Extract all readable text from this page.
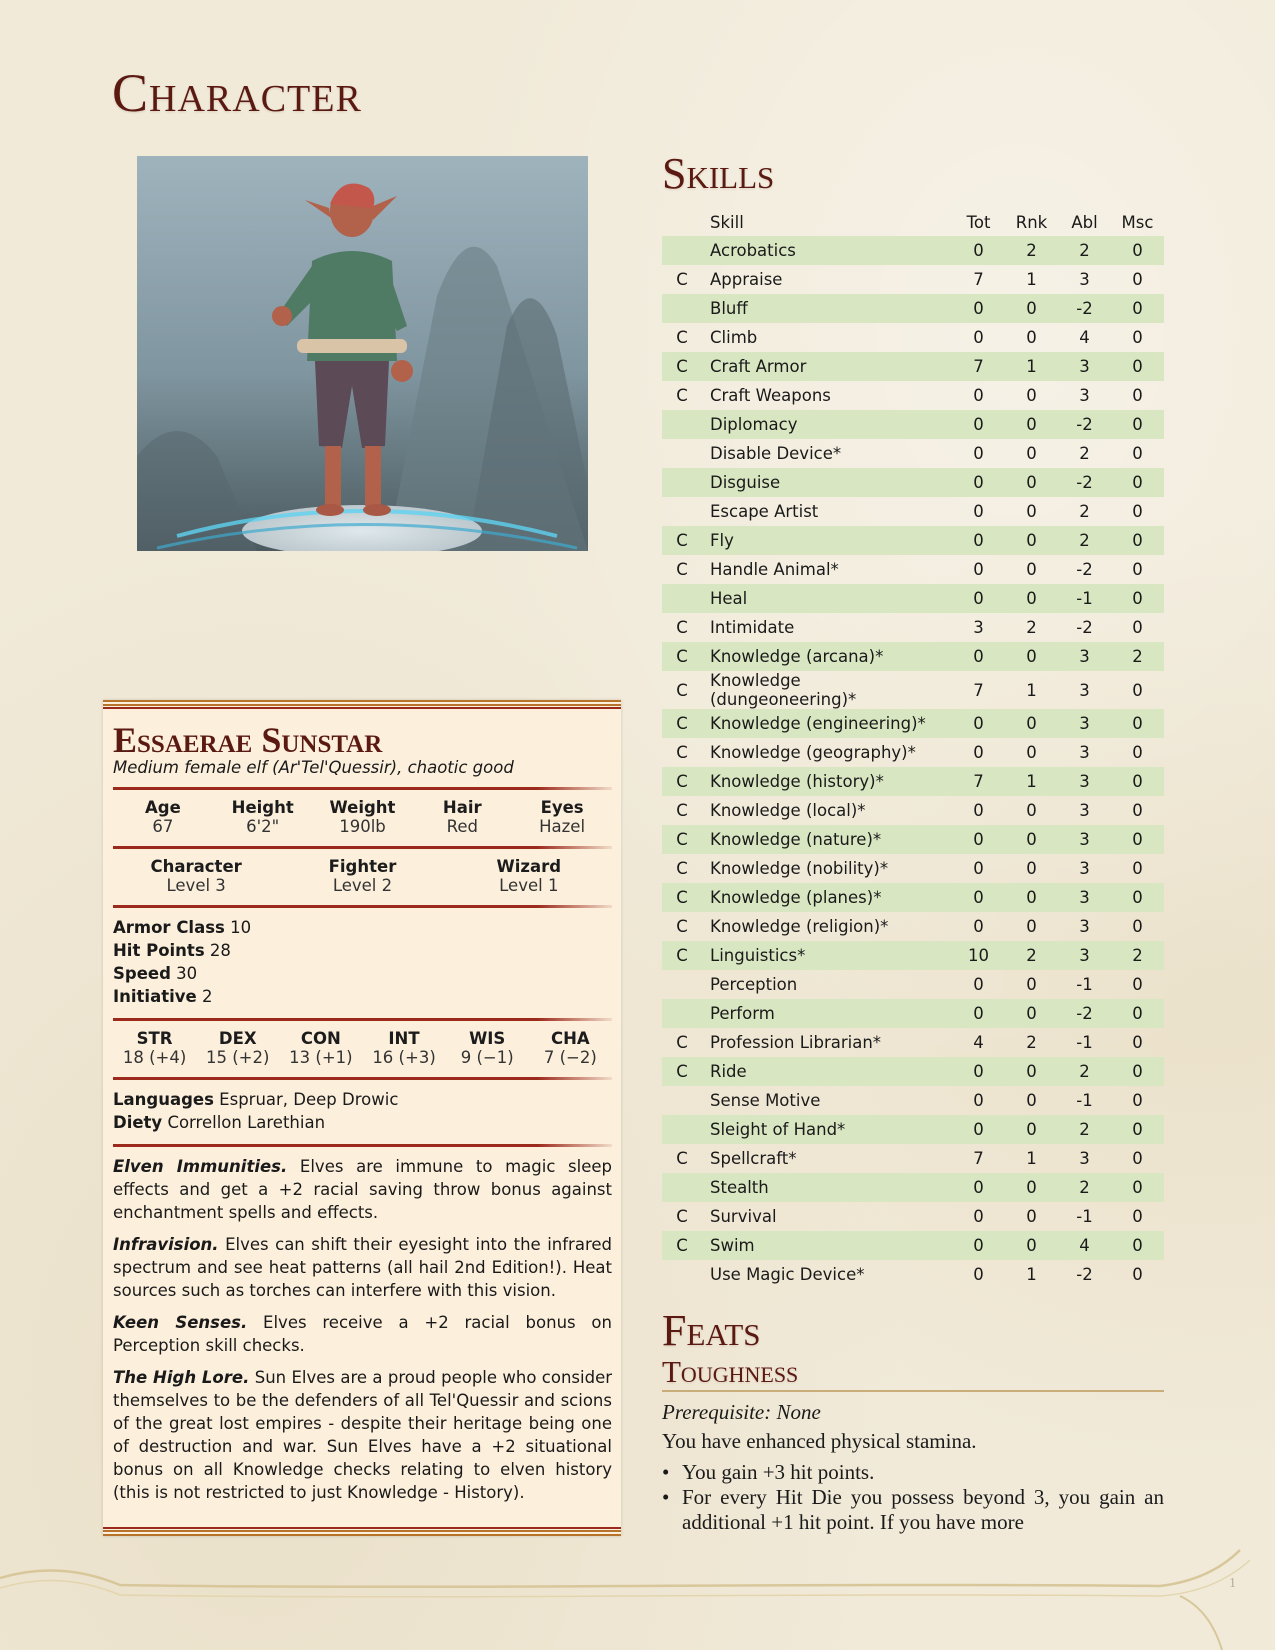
Character
Essaerae Sunstar
Medium female elf (Ar'Tel'Quessir), chaotic good
Age
67
Height
6'2"
Weight
190lb
Hair
Red
Eyes
Hazel
Character
Level 3
Fighter
Level 2
Wizard
Level 1
Armor Class 10
Hit Points 28
Speed 30
Initiative 2
STR
18 (+4)
DEX
15 (+2)
CON
13 (+1)
INT
16 (+3)
WIS
9 (−1)
CHA
7 (−2)
Languages Espruar, Deep Drowic
Diety Correllon Larethian

Elven Immunities. Elves are immune to magic sleep effects and get a +2 racial saving throw bonus against enchantment spells and effects.

Infravision. Elves can shift their eyesight into the infrared spectrum and see heat patterns (all hail 2nd Edition!). Heat sources such as torches can interfere with this vision.

Keen Senses. Elves receive a +2 racial bonus on Perception skill checks.

The High Lore. Sun Elves are a proud people who consider themselves to be the defenders of all Tel'Quessir and scions of the great lost empires - despite their heritage being one of destruction and war. Sun Elves have a +2 situational bonus on all Knowledge checks relating to elven history (this is not restricted to just Knowledge - History).

Skills
	Skill	Tot	Rnk	Abl	Msc
	Acrobatics	0	2	2	0
C	Appraise	7	1	3	0
	Bluff	0	0	-2	0
C	Climb	0	0	4	0
C	Craft Armor	7	1	3	0
C	Craft Weapons	0	0	3	0
	Diplomacy	0	0	-2	0
	Disable Device*	0	0	2	0
	Disguise	0	0	-2	0
	Escape Artist	0	0	2	0
C	Fly	0	0	2	0
C	Handle Animal*	0	0	-2	0
	Heal	0	0	-1	0
C	Intimidate	3	2	-2	0
C	Knowledge (arcana)*	0	0	3	2
C	Knowledge (dungeoneering)*	7	1	3	0
C	Knowledge (engineering)*	0	0	3	0
C	Knowledge (geography)*	0	0	3	0
C	Knowledge (history)*	7	1	3	0
C	Knowledge (local)*	0	0	3	0
C	Knowledge (nature)*	0	0	3	0
C	Knowledge (nobility)*	0	0	3	0
C	Knowledge (planes)*	0	0	3	0
C	Knowledge (religion)*	0	0	3	0
C	Linguistics*	10	2	3	2
	Perception	0	0	-1	0
	Perform	0	0	-2	0
C	Profession Librarian*	4	2	-1	0
C	Ride	0	0	2	0
	Sense Motive	0	0	-1	0
	Sleight of Hand*	0	0	2	0
C	Spellcraft*	7	1	3	0
	Stealth	0	0	2	0
C	Survival	0	0	-1	0
C	Swim	0	0	4	0
	Use Magic Device*	0	1	-2	0
Feats
Toughness
Prerequisite: None
You have enhanced physical stamina.
• You gain +3 hit points.
• For every Hit Die you possess beyond 3, you gain an additional +1 hit point. If you have more
1
